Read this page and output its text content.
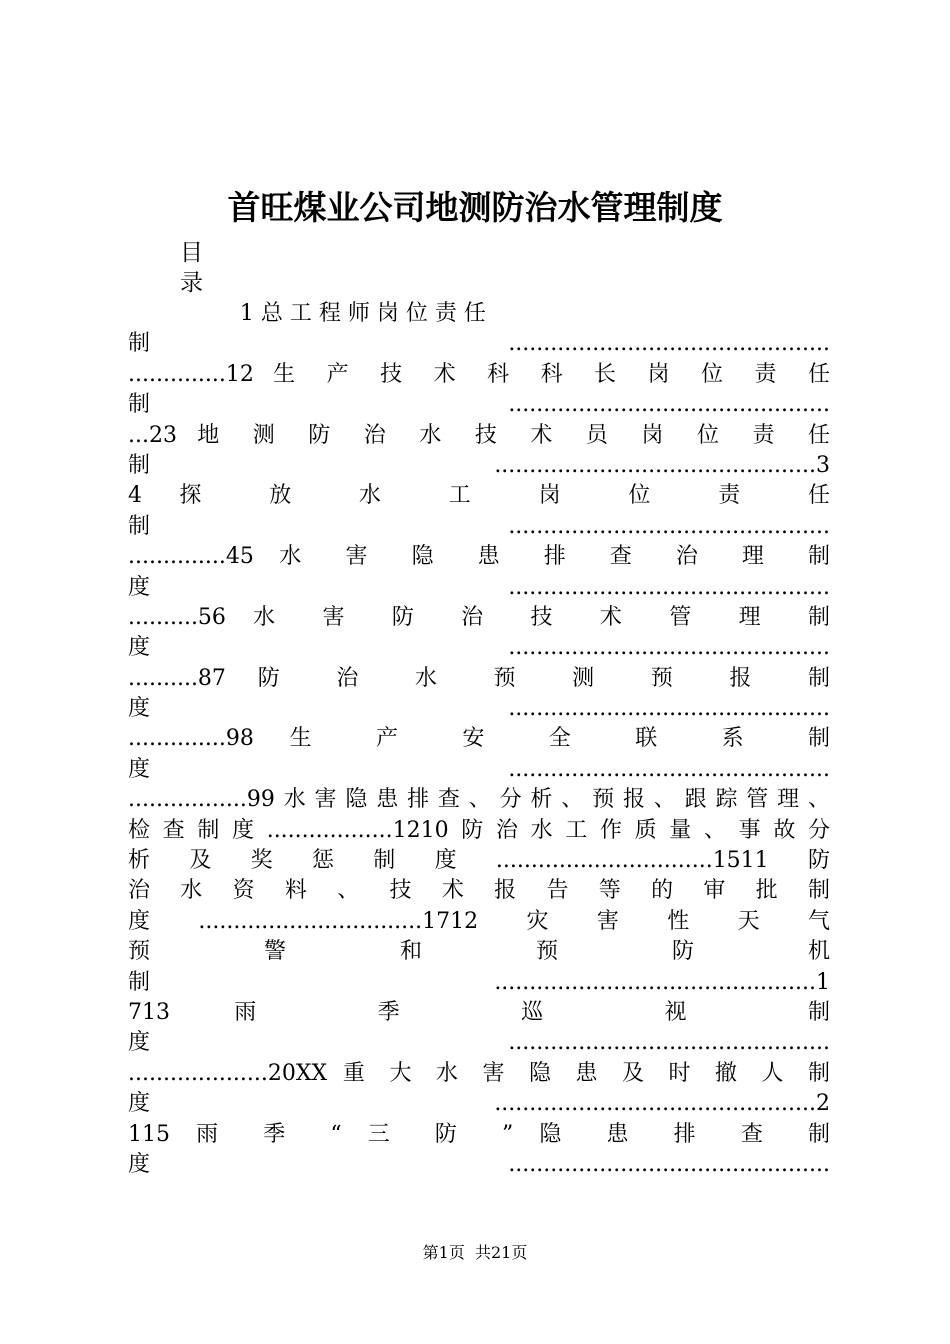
首旺煤业公司地测防治水管理制度
目
录
1 总 工 程 师 岗 位 责 任
制..............................................
..............12 生 产 技 术 科 科 长 岗 位 责 任
制..............................................
...23 地 测 防 治 水 技 术 员 岗 位 责 任
制..............................................3
4 探 放 水 工 岗 位 责 任
制..............................................
..............45 水 害 隐 患 排 查 治 理 制
度..............................................
..........56 水 害 防 治 技 术 管 理 制
度..............................................
..........87 防 治 水 预 测 预 报 制
度..............................................
..............98 生 产 安 全 联 系 制
度..............................................
.................99水害隐患排查、分析、预报、跟踪管理、
检查制度..................1210防治水工作质量、事故分
析及奖惩制度...............................1511防
治 水 资 料 、 技 术 报 告 等 的 审 批 制
度................................1712灾害性天气
预 警 和 预 防 机
制..............................................1
713 雨 季 巡 视 制
度..............................................
....................20XX 重 大 水 害 隐 患 及 时 撤 人 制
度..............................................2
115 雨 季 “ 三 防 ” 隐 患 排 查 制
度..............................................
第1页  共21页
